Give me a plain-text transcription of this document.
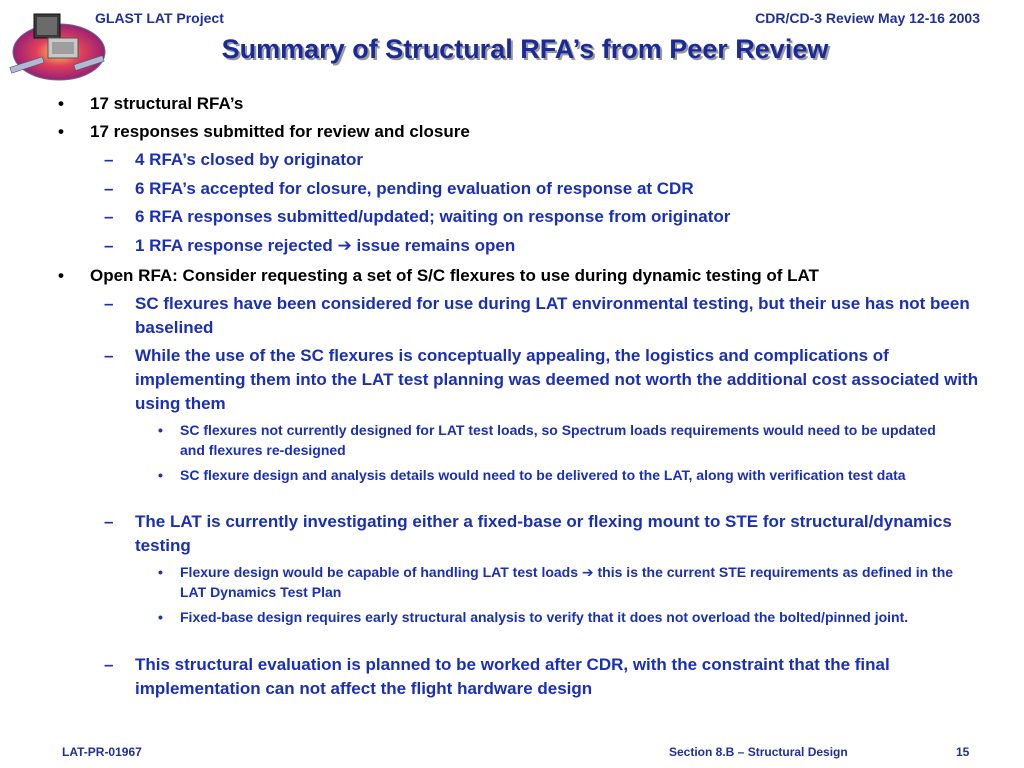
GLAST LAT Project	CDR/CD-3 Review May 12-16 2003
Summary of Structural RFA’s from Peer Review
• 17 structural RFA’s
• 17 responses submitted for review and closure
– 4 RFA’s closed by originator
– 6 RFA’s accepted for closure, pending evaluation of response at CDR
– 6 RFA responses submitted/updated; waiting on response from originator
– 1 RFA response rejected ➔ issue remains open
• Open RFA: Consider requesting a set of S/C flexures to use during dynamic testing of LAT
– SC flexures have been considered for use during LAT environmental testing, but their use has not been baselined
– While the use of the SC flexures is conceptually appealing, the logistics and complications of implementing them into the LAT test planning was deemed not worth the additional cost associated with using them
• SC flexures not currently designed for LAT test loads, so Spectrum loads requirements would need to be updated and flexures re-designed
• SC flexure design and analysis details would need to be delivered to the LAT, along with verification test data
– The LAT is currently investigating either a fixed-base or flexing mount to STE for structural/dynamics testing
• Flexure design would be capable of handling LAT test loads ➔ this is the current STE requirements as defined in the LAT Dynamics Test Plan
• Fixed-base design requires early structural analysis to verify that it does not overload the bolted/pinned joint.
– This structural evaluation is planned to be worked after CDR, with the constraint that the final implementation can not affect the flight hardware design
LAT-PR-01967	Section 8.B – Structural Design	15
